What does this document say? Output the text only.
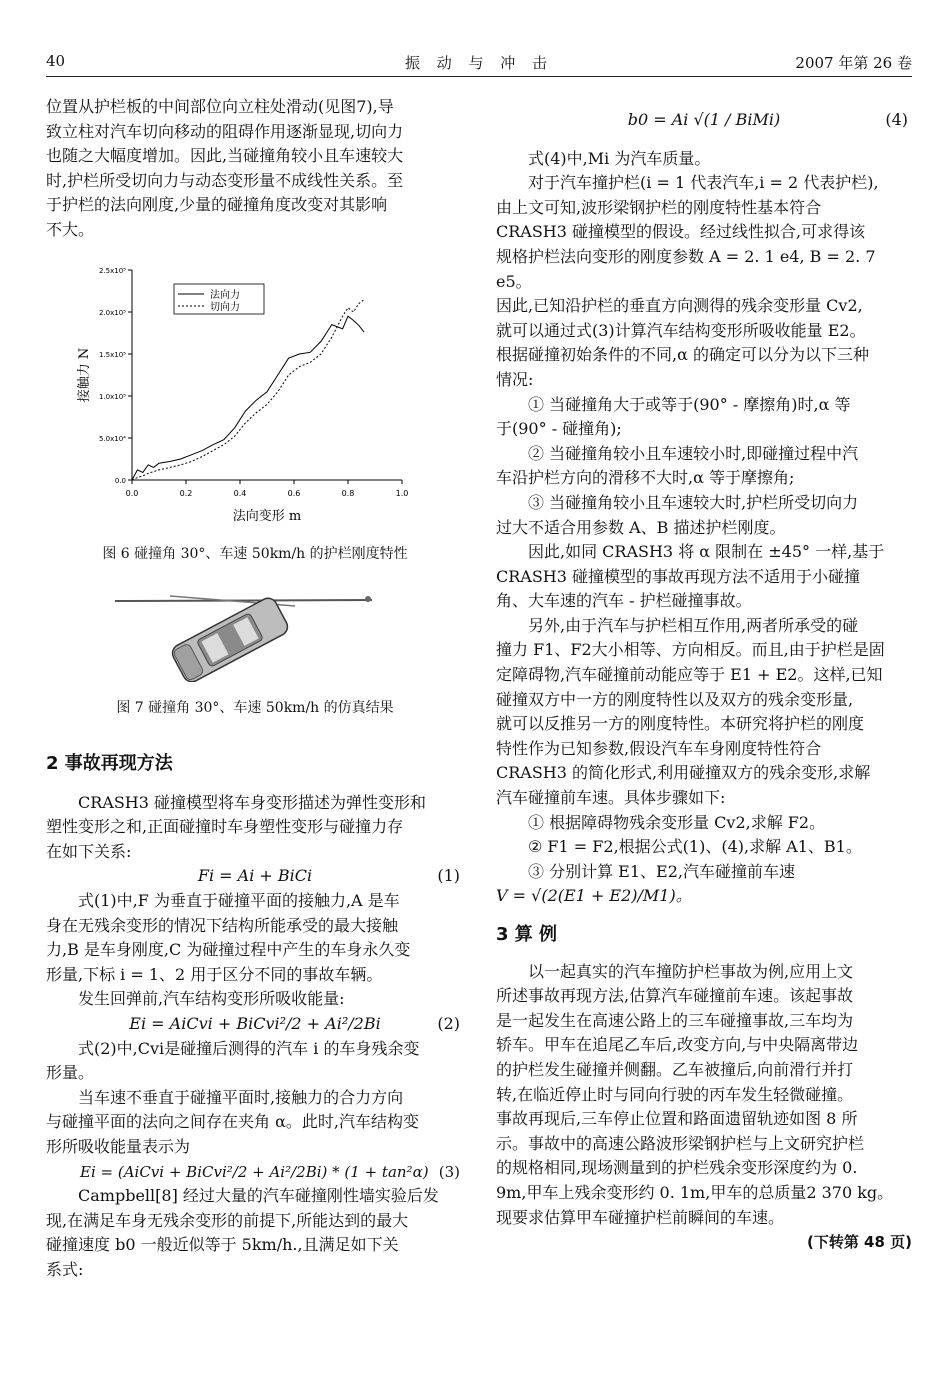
40	振 动 与 冲 击	2007 年第 26 卷

位置从护栏板的中间部位向立柱处滑动(见图7),导
致立柱对汽车切向移动的阻碍作用逐渐显现,切向力
也随之大幅度增加。因此,当碰撞角较小且车速较大
时,护栏所受切向力与动态变形量不成线性关系。至
于护栏的法向刚度,少量的碰撞角度改变对其影响
不大。

0.0	0.2	0.4	0.6	0.8	1.0
0.0
5.0x10⁴
1.0x10⁵
1.5x10⁵
2.0x10⁵
2.5x10⁵
法向变形 m
接触力 N
法向力
切向力
图 6 碰撞角 30°、车速 50km/h 的护栏刚度特性
图 7 碰撞角 30°、车速 50km/h 的仿真结果

2 事故再现方法

CRASH3 碰撞模型将车身变形描述为弹性变形和
塑性变形之和,正面碰撞时车身塑性变形与碰撞力存
在如下关系:

Fi = Ai + BiCi	(1)

式(1)中,F 为垂直于碰撞平面的接触力,A 是车
身在无残余变形的情况下结构所能承受的最大接触
力,B 是车身刚度,C 为碰撞过程中产生的车身永久变
形量,下标 i = 1、2 用于区分不同的事故车辆。

发生回弹前,汽车结构变形所吸收能量:

Ei = AiCvi + BiCvi²/2 + Ai²/2Bi	(2)

式(2)中,Cvi是碰撞后测得的汽车 i 的车身残余变
形量。

当车速不垂直于碰撞平面时,接触力的合力方向
与碰撞平面的法向之间存在夹角 α。此时,汽车结构变
形所吸收能量表示为

Ei = (AiCvi + BiCvi²/2 + Ai²/2Bi) * (1 + tan²α) (3)

Campbell[8] 经过大量的汽车碰撞刚性墙实验后发
现,在满足车身无残余变形的前提下,所能达到的最大
碰撞速度 b0 一般近似等于 5km/h.,且满足如下关
系式:

b0 = Ai √(1 / BiMi)	(4)

式(4)中,Mi 为汽车质量。

对于汽车撞护栏(i = 1 代表汽车,i = 2 代表护栏),
由上文可知,波形梁钢护栏的刚度特性基本符合
CRASH3 碰撞模型的假设。经过线性拟合,可求得该
规格护栏法向变形的刚度参数 A = 2. 1 e4, B = 2. 7 e5。
因此,已知沿护栏的垂直方向测得的残余变形量 Cv2,
就可以通过式(3)计算汽车结构变形所吸收能量 E2。
根据碰撞初始条件的不同,α 的确定可以分为以下三种
情况:

① 当碰撞角大于或等于(90° - 摩擦角)时,α 等
于(90° - 碰撞角);

② 当碰撞角较小且车速较小时,即碰撞过程中汽
车沿护栏方向的滑移不大时,α 等于摩擦角;

③ 当碰撞角较小且车速较大时,护栏所受切向力
过大不适合用参数 A、B 描述护栏刚度。

因此,如同 CRASH3 将 α 限制在 ±45° 一样,基于
CRASH3 碰撞模型的事故再现方法不适用于小碰撞
角、大车速的汽车 - 护栏碰撞事故。

另外,由于汽车与护栏相互作用,两者所承受的碰
撞力 F1、F2大小相等、方向相反。而且,由于护栏是固
定障碍物,汽车碰撞前动能应等于 E1 + E2。这样,已知
碰撞双方中一方的刚度特性以及双方的残余变形量,
就可以反推另一方的刚度特性。本研究将护栏的刚度
特性作为已知参数,假设汽车车身刚度特性符合
CRASH3 的简化形式,利用碰撞双方的残余变形,求解
汽车碰撞前车速。具体步骤如下:

① 根据障碍物残余变形量 Cv2,求解 F2。

② F1 = F2,根据公式(1)、(4),求解 A1、B1。

③ 分别计算 E1、E2,汽车碰撞前车速

V = √(2(E1 + E2)/M1)。

3 算 例

以一起真实的汽车撞防护栏事故为例,应用上文
所述事故再现方法,估算汽车碰撞前车速。该起事故
是一起发生在高速公路上的三车碰撞事故,三车均为
轿车。甲车在追尾乙车后,改变方向,与中央隔离带边
的护栏发生碰撞并侧翻。乙车被撞后,向前滑行并打
转,在临近停止时与同向行驶的丙车发生轻微碰撞。
事故再现后,三车停止位置和路面遗留轨迹如图 8 所
示。事故中的高速公路波形梁钢护栏与上文研究护栏
的规格相同,现场测量到的护栏残余变形深度约为 0.
9m,甲车上残余变形约 0. 1m,甲车的总质量2 370 kg。
现要求估算甲车碰撞护栏前瞬间的车速。

(下转第 48 页)
